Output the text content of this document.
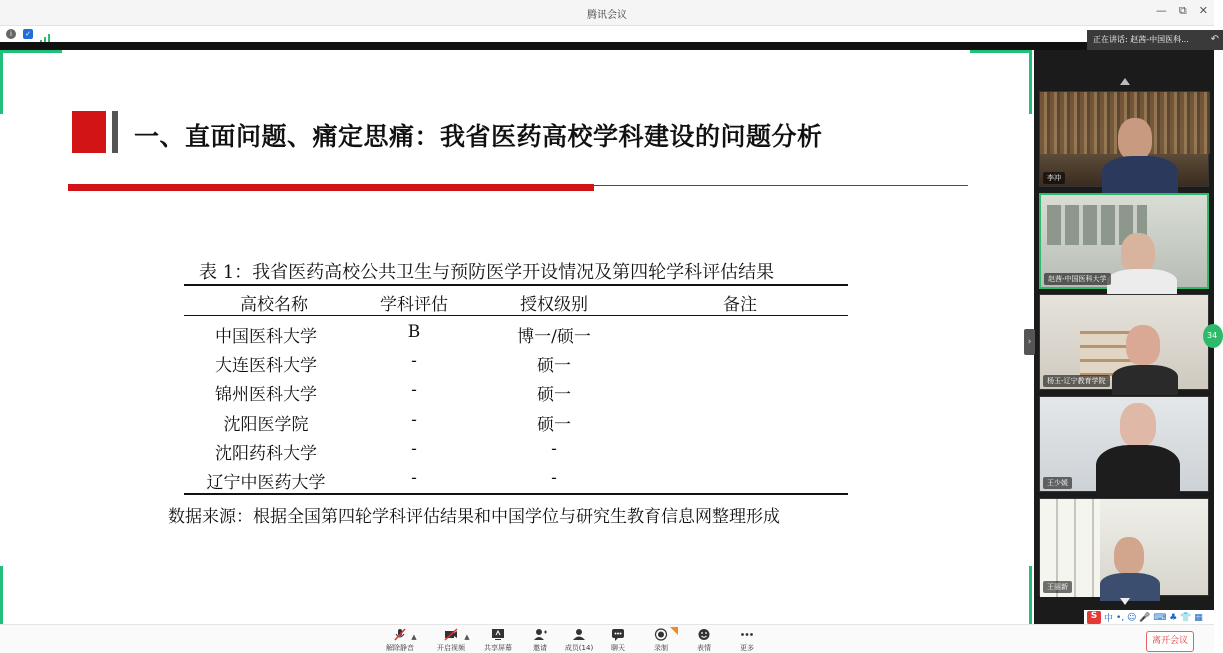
腾讯会议	— ⧉ ✕
i	✓
正在讲话: 赵茜-中国医科... ↶
一、直面问题、痛定思痛：我省医药高校学科建设的问题分析
表 1：我省医药高校公共卫生与预防医学开设情况及第四轮学科评估结果
高校名称	学科评估	授权级别	备注
中国医科大学	B	博一/硕一
大连医科大学	-	硕一
锦州医科大学	-	硕一
沈阳医学院	-	硕一
沈阳药科大学	-	-
辽宁中医药大学	-	-
数据来源：根据全国第四轮学科评估结果和中国学位与研究生教育信息网整理形成
›
李冲
赵茜-中国医科大学
杨玉-辽宁教育学院
34
王少媛
王丽新
S 中 •, ☺ 🎤 ⌨ ♣ 👕 ▦
解除静音
▲
开启视频
▲
共享屏幕	邀请	成员(14)	聊天	录制	表情	更多
离开会议
